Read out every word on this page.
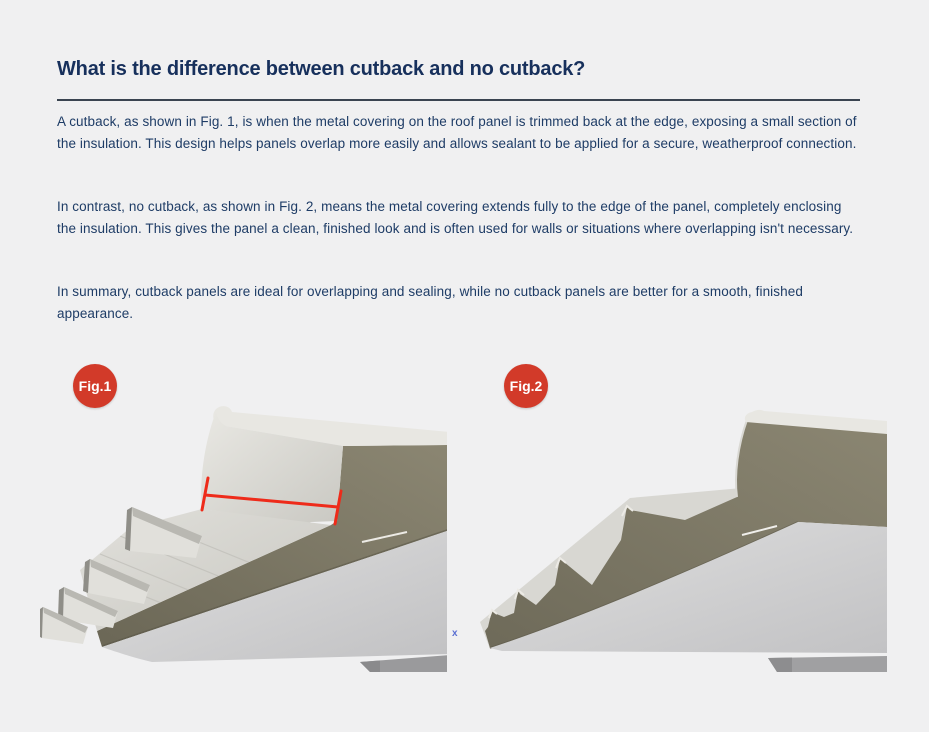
What is the difference between cutback and no cutback?

A cutback, as shown in Fig. 1, is when the metal covering on the roof panel is trimmed back at the edge, exposing a small section of the insulation. This design helps panels overlap more easily and allows sealant to be applied for a secure, weatherproof connection.

In contrast, no cutback, as shown in Fig. 2, means the metal covering extends fully to the edge of the panel, completely enclosing the insulation. This gives the panel a clean, finished look and is often used for walls or situations where overlapping isn't necessary.

In summary, cutback panels are ideal for overlapping and sealing, while no cutback panels are better for a smooth, finished appearance.

Fig.1	Fig.2
x
